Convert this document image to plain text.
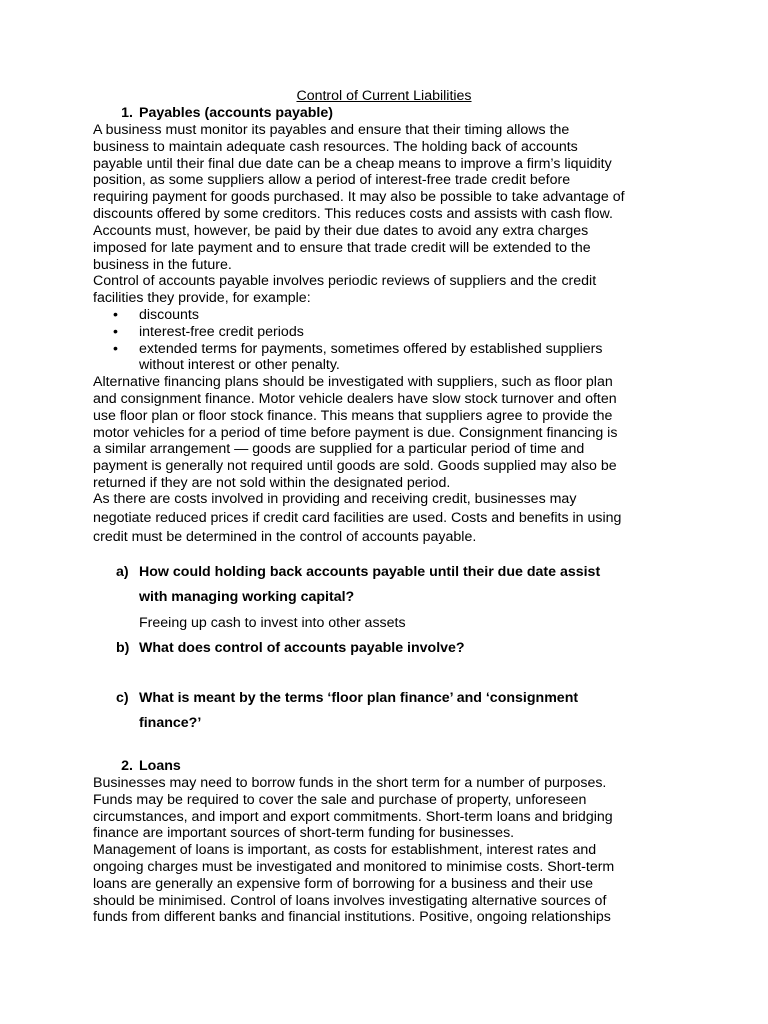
Control of Current Liabilities
1. Payables (accounts payable)
A business must monitor its payables and ensure that their timing allows the
business to maintain adequate cash resources. The holding back of accounts
payable until their final due date can be a cheap means to improve a firm’s liquidity
position, as some suppliers allow a period of interest-free trade credit before
requiring payment for goods purchased. It may also be possible to take advantage of
discounts offered by some creditors. This reduces costs and assists with cash flow.
Accounts must, however, be paid by their due dates to avoid any extra charges
imposed for late payment and to ensure that trade credit will be extended to the
business in the future.
Control of accounts payable involves periodic reviews of suppliers and the credit
facilities they provide, for example:
• discounts
• interest-free credit periods
• extended terms for payments, sometimes offered by established suppliers
without interest or other penalty.
Alternative financing plans should be investigated with suppliers, such as floor plan
and consignment finance. Motor vehicle dealers have slow stock turnover and often
use floor plan or floor stock finance. This means that suppliers agree to provide the
motor vehicles for a period of time before payment is due. Consignment financing is
a similar arrangement — goods are supplied for a particular period of time and
payment is generally not required until goods are sold. Goods supplied may also be
returned if they are not sold within the designated period.
As there are costs involved in providing and receiving credit, businesses may
negotiate reduced prices if credit card facilities are used. Costs and benefits in using
credit must be determined in the control of accounts payable.
a) How could holding back accounts payable until their due date assist
with managing working capital?
Freeing up cash to invest into other assets
b) What does control of accounts payable involve?
c) What is meant by the terms ‘floor plan finance’ and ‘consignment
finance?’
2. Loans
Businesses may need to borrow funds in the short term for a number of purposes.
Funds may be required to cover the sale and purchase of property, unforeseen
circumstances, and import and export commitments. Short-term loans and bridging
finance are important sources of short-term funding for businesses.
Management of loans is important, as costs for establishment, interest rates and
ongoing charges must be investigated and monitored to minimise costs. Short-term
loans are generally an expensive form of borrowing for a business and their use
should be minimised. Control of loans involves investigating alternative sources of
funds from different banks and financial institutions. Positive, ongoing relationships
